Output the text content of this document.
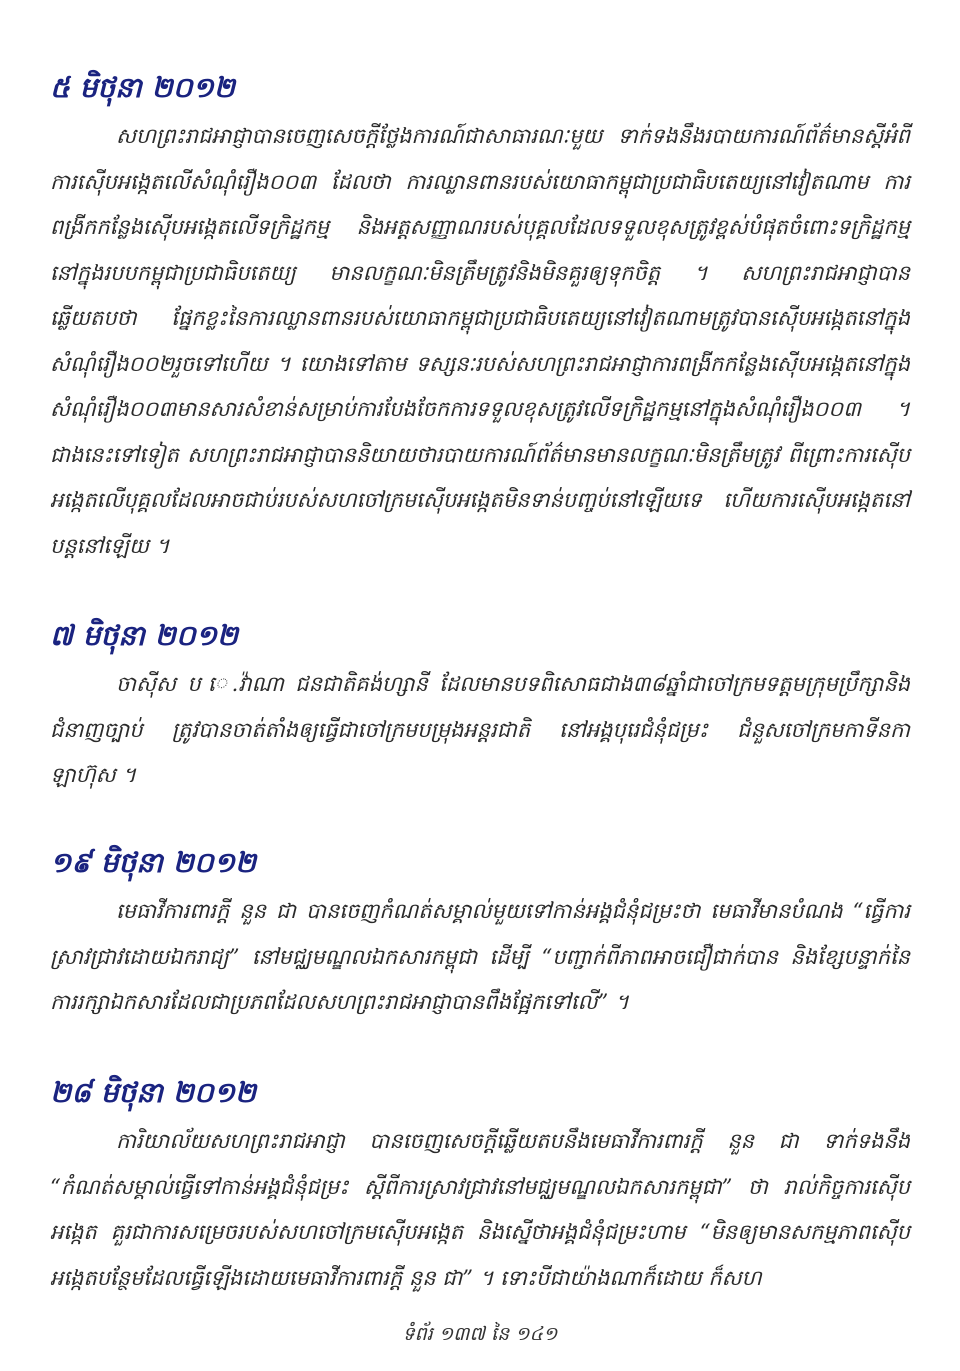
៥ មិថុនា ២០១២

សហព្រះរាជអាជ្ញាបានចេញសេចក្ដីថ្លែងការណ៍ជាសាធារណៈមួយ ទាក់ទងនឹងរបាយការណ៍ព័ត៌មានស្ដីអំពីការស៊ើបអង្កេតលើសំណុំរឿង០០៣ ដែលថា ការឈ្លានពានរបស់យោធាកម្ពុជាប្រជាធិបតេយ្យនៅវៀតណាម ការពង្រីកកន្លែងស៊ើបអង្កេតលើទក្រិដ្ឋកម្ម និងអត្តសញ្ញាណរបស់បុគ្គលដែលទទួលខុសត្រូវខ្ពស់បំផុតចំពោះទក្រិដ្ឋកម្មនៅក្នុងរបបកម្ពុជាប្រជាធិបតេយ្យ មានលក្ខណៈមិនត្រឹមត្រូវនិងមិនគួរឲ្យទុកចិត្ត ។ សហព្រះរាជអាជ្ញាបានឆ្លើយតបថា ផ្នែកខ្លះនៃការឈ្លានពានរបស់យោធាកម្ពុជាប្រជាធិបតេយ្យនៅវៀតណាមត្រូវបានស៊ើបអង្កេតនៅក្នុងសំណុំរឿង០០២រួចទៅហើយ ។ យោងទៅតាម ទស្សនៈរបស់សហព្រះរាជអាជ្ញាការពង្រីកកន្លែងស៊ើបអង្កេតនៅក្នុងសំណុំរឿង០០៣មានសារសំខាន់សម្រាប់ការបែងចែកការទទួលខុសត្រូវលើទក្រិដ្ឋកម្មនៅក្នុងសំណុំរឿង០០៣ ។ ជាងនេះទៅទៀត សហព្រះរាជអាជ្ញាបាននិយាយថារបាយការណ៍ព័ត៌មានមានលក្ខណៈមិនត្រឹមត្រូវ ពីព្រោះការស៊ើបអង្កេតលើបុគ្គលដែលអាចជាប់របស់សហចៅក្រមស៊ើបអង្កេតមិនទាន់បញ្ចប់នៅឡើយទេ ហើយការស៊ើបអង្កេតនៅបន្តនៅឡើយ ។

៧ មិថុនា ២០១២

ចាស៊ីស ប េ.វ៉ាណា ជនជាតិគង់ហ្សានី ដែលមានបទពិសោធជាង៣៨ឆ្នាំជាចៅក្រមទត្តមក្រុមប្រឹក្សានិងជំនាញច្បាប់ ត្រូវបានចាត់តាំងឲ្យធ្វើជាចៅក្រមបម្រុងអន្តរជាតិ នៅអង្គបុរេជំនុំជម្រះ ជំនួសចៅក្រមកាទីនកា ឡាហ៊ុស ។

១៩ មិថុនា ២០១២

មេធាវីការពារក្ដី នួន ជា បានចេញកំណត់សម្គាល់មួយទៅកាន់អង្គជំនុំជម្រះថា មេធាវីមានបំណង “ធ្វើការស្រាវជ្រាវដោយឯករាជ្យ” នៅមជ្ឈមណ្ឌលឯកសារកម្ពុជា ដើម្បី “បញ្ជាក់ពីភាពអាចជឿជាក់បាន និងខ្សែបន្ទាក់នៃការរក្សាឯកសារដែលជាប្រភពដែលសហព្រះរាជអាជ្ញាបានពឹងផ្អែកទៅលើ” ។

២៨ មិថុនា ២០១២

ការិយាល័យសហព្រះរាជអាជ្ញា បានចេញសេចក្ដីឆ្លើយតបនឹងមេធាវីការពារក្ដី នួន ជា ទាក់ទងនឹង “កំណត់សម្គាល់ធ្វើទៅកាន់អង្គជំនុំជម្រះ ស្ដីពីការស្រាវជ្រាវនៅមជ្ឈមណ្ឌលឯកសារកម្ពុជា” ថា រាល់កិច្ចការស៊ើបអង្កេត គួរជាការសម្រេចរបស់សហចៅក្រមស៊ើបអង្កេត និងស្នើថាអង្គជំនុំជម្រះហាម “មិនឲ្យមានសកម្មភាពស៊ើបអង្កេតបន្ថែមដែលធ្វើឡើងដោយមេធាវីការពារក្ដី នួន ជា” ។ ទោះបីជាយ៉ាងណាក៏ដោយ ក៏សហ

ទំព័រ ១៣៧ នៃ ១៤១
